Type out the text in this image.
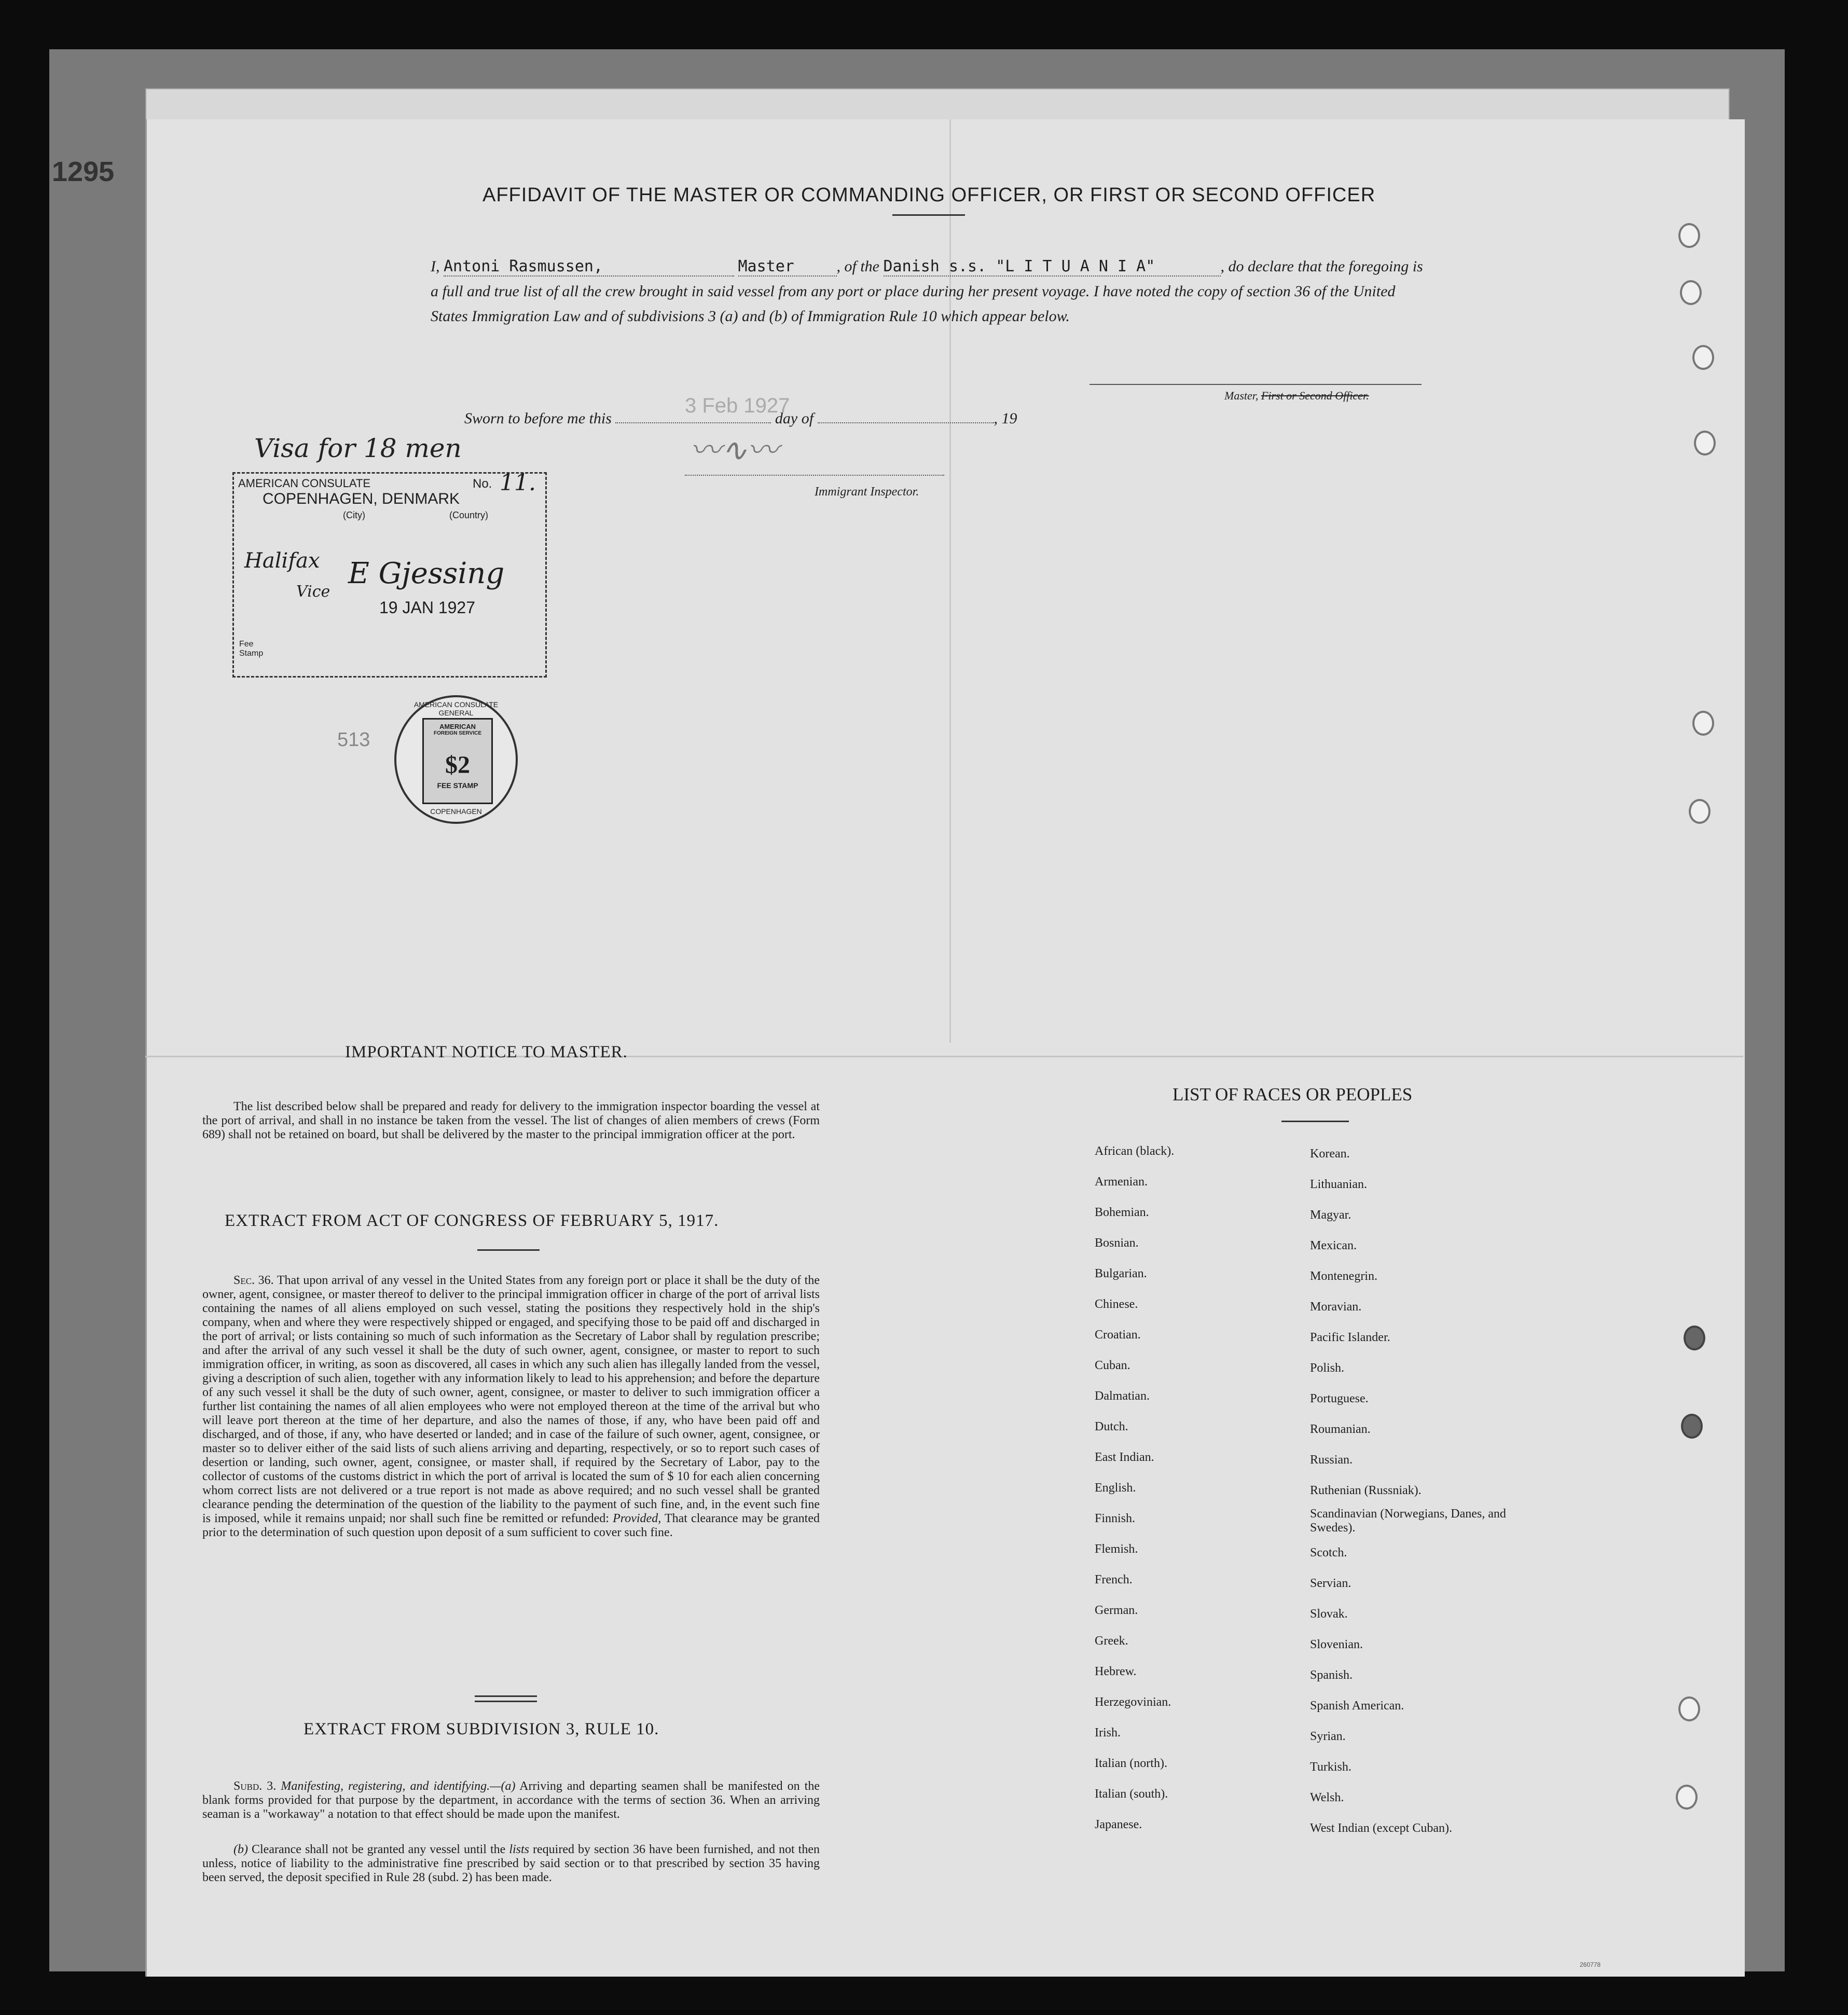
1295
AFFIDAVIT OF THE MASTER OR COMMANDING OFFICER, OR FIRST OR SECOND OFFICER
I, Antoni Rasmussen,	Master	, of the Danish s.s. "L I T U A N I A"	, do declare that the foregoing is a full and true list of all the crew brought in said vessel from any port or place during her present voyage. I have noted the copy of section 36 of the United States Immigration Law and of subdivisions 3 (a) and (b) of Immigration Rule 10 which appear below.
Master, First or Second Officer.
3 Feb 1927
Sworn to before me this	day of	, 19
〰∿〰
Immigrant Inspector.
Visa for 18 men
AMERICAN CONSULATE	No. 11.
COPENHAGEN, DENMARK
(City)	(Country)
Halifax
Vice
E Gjessing
19 JAN 1927
Fee Stamp
513
AMERICAN CONSULATE GENERAL
AMERICAN
FOREIGN SERVICE
$2
FEE STAMP
COPENHAGEN
IMPORTANT NOTICE TO MASTER.
The list described below shall be prepared and ready for delivery to the immigration inspector boarding the vessel at the port of arrival, and shall in no instance be taken from the vessel. The list of changes of alien members of crews (Form 689) shall not be retained on board, but shall be delivered by the master to the principal immigration officer at the port.
EXTRACT FROM ACT OF CONGRESS OF FEBRUARY 5, 1917.
Sec. 36. That upon arrival of any vessel in the United States from any foreign port or place it shall be the duty of the owner, agent, consignee, or master thereof to deliver to the principal immigration officer in charge of the port of arrival lists containing the names of all aliens employed on such vessel, stating the positions they respectively hold in the ship's company, when and where they were respectively shipped or engaged, and specifying those to be paid off and discharged in the port of arrival; or lists containing so much of such information as the Secretary of Labor shall by regulation prescribe; and after the arrival of any such vessel it shall be the duty of such owner, agent, consignee, or master to report to such immigration officer, in writing, as soon as discovered, all cases in which any such alien has illegally landed from the vessel, giving a description of such alien, together with any information likely to lead to his apprehension; and before the departure of any such vessel it shall be the duty of such owner, agent, consignee, or master to deliver to such immigration officer a further list containing the names of all alien employees who were not employed thereon at the time of the arrival but who will leave port thereon at the time of her departure, and also the names of those, if any, who have been paid off and discharged, and of those, if any, who have deserted or landed; and in case of the failure of such owner, agent, consignee, or master so to deliver either of the said lists of such aliens arriving and departing, respectively, or so to report such cases of desertion or landing, such owner, agent, consignee, or master shall, if required by the Secretary of Labor, pay to the collector of customs of the customs district in which the port of arrival is located the sum of $ 10 for each alien concerning whom correct lists are not delivered or a true report is not made as above required; and no such vessel shall be granted clearance pending the determination of the question of the liability to the payment of such fine, and, in the event such fine is imposed, while it remains unpaid; nor shall such fine be remitted or refunded: Provided, That clearance may be granted prior to the determination of such question upon deposit of a sum sufficient to cover such fine.
EXTRACT FROM SUBDIVISION 3, RULE 10.
Subd. 3. Manifesting, registering, and identifying.—(a) Arriving and departing seamen shall be manifested on the blank forms provided for that purpose by the department, in accordance with the terms of section 36. When an arriving seaman is a "workaway" a notation to that effect should be made upon the manifest.
(b) Clearance shall not be granted any vessel until the lists required by section 36 have been furnished, and not then unless, notice of liability to the administrative fine prescribed by said section or to that prescribed by section 35 having been served, the deposit specified in Rule 28 (subd. 2) has been made.
LIST OF RACES OR PEOPLES
African (black).
Armenian.
Bohemian.
Bosnian.
Bulgarian.
Chinese.
Croatian.
Cuban.
Dalmatian.
Dutch.
East Indian.
English.
Finnish.
Flemish.
French.
German.
Greek.
Hebrew.
Herzegovinian.
Irish.
Italian (north).
Italian (south).
Japanese.
Korean.
Lithuanian.
Magyar.
Mexican.
Montenegrin.
Moravian.
Pacific Islander.
Polish.
Portuguese.
Roumanian.
Russian.
Ruthenian (Russniak).
Scandinavian (Norwegians, Danes, and Swedes).
Scotch.
Servian.
Slovak.
Slovenian.
Spanish.
Spanish American.
Syrian.
Turkish.
Welsh.
West Indian (except Cuban).
260778
